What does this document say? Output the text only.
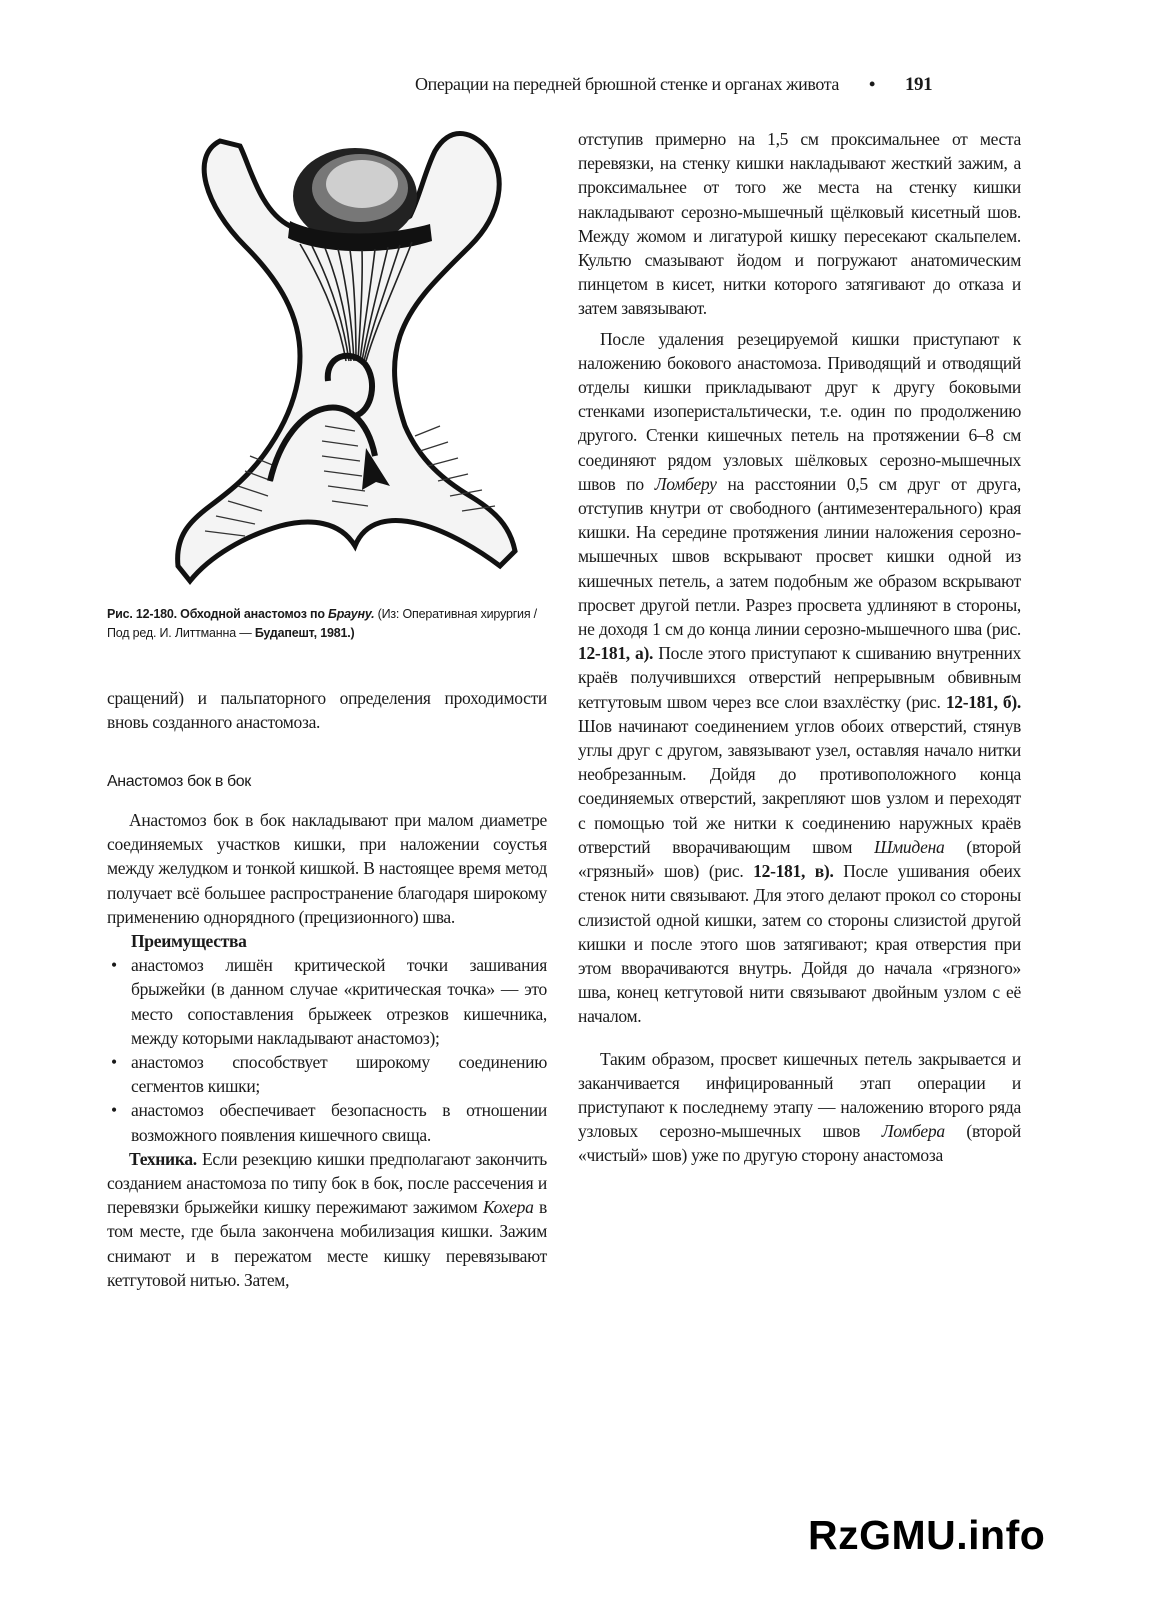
Операции на передней брюшной стенке и органах живота • 191
Рис. 12-180. Обходной анастомоз по Брауну. (Из: Оперативная хирургия / Под ред. И. Литтманна — Будапешт, 1981.)

сращений) и пальпаторного определения проходимости вновь созданного анастомоза.

Анастомоз бок в бок

Анастомоз бок в бок накладывают при малом диаметре соединяемых участков кишки, при наложении соустья между желудком и тонкой кишкой. В настоящее время метод получает всё большее распространение благодаря широкому применению однорядного (прецизионного) шва.

Преимущества

• анастомоз лишён критической точки зашивания брыжейки (в данном случае «критическая точка» — это место сопоставления брыжеек отрезков кишечника, между которыми накладывают анастомоз);
• анастомоз способствует широкому соединению сегментов кишки;
• анастомоз обеспечивает безопасность в отношении возможного появления кишечного свища.

Техника. Если резекцию кишки предполагают закончить созданием анастомоза по типу бок в бок, после рассечения и перевязки брыжейки кишку пережимают зажимом Кохера в том месте, где была закончена мобилизация кишки. Зажим снимают и в пережатом месте кишку перевязывают кетгутовой нитью. Затем,

отступив примерно на 1,5 см проксимальнее от места перевязки, на стенку кишки накладывают жесткий зажим, а проксимальнее от того же места на стенку кишки накладывают серозно-мышечный щёлковый кисетный шов. Между жомом и лигатурой кишку пересекают скальпелем. Культю смазывают йодом и погружают анатомическим пинцетом в кисет, нитки которого затягивают до отказа и затем завязывают.

После удаления резецируемой кишки приступают к наложению бокового анастомоза. Приводящий и отводящий отделы кишки прикладывают друг к другу боковыми стенками изоперистальтически, т.е. один по продолжению другого. Стенки кишечных петель на протяжении 6–8 см соединяют рядом узловых шёлковых серозно-мышечных швов по Ломберу на расстоянии 0,5 см друг от друга, отступив кнутри от свободного (антимезентерального) края кишки. На середине протяжения линии наложения серозно-мышечных швов вскрывают просвет кишки одной из кишечных петель, а затем подобным же образом вскрывают просвет другой петли. Разрез просвета удлиняют в стороны, не доходя 1 см до конца линии серозно-мышечного шва (рис. 12-181, а). После этого приступают к сшиванию внутренних краёв получившихся отверстий непрерывным обвивным кетгутовым швом через все слои взахлёстку (рис. 12-181, б). Шов начинают соединением углов обоих отверстий, стянув углы друг с другом, завязывают узел, оставляя начало нитки необрезанным. Дойдя до противоположного конца соединяемых отверстий, закрепляют шов узлом и переходят с помощью той же нитки к соединению наружных краёв отверстий вворачивающим швом Шмидена (второй «грязный» шов) (рис. 12-181, в). После ушивания обеих стенок нити связывают. Для этого делают прокол со стороны слизистой одной кишки, затем со стороны слизистой другой кишки и после этого шов затягивают; края отверстия при этом вворачиваются внутрь. Дойдя до начала «грязного» шва, конец кетгутовой нити связывают двойным узлом с её началом.

Таким образом, просвет кишечных петель закрывается и заканчивается инфицированный этап операции и приступают к последнему этапу — наложению второго ряда узловых серозно-мышечных швов Ломбера (второй «чистый» шов) уже по другую сторону анастомоза

RzGMU.info
